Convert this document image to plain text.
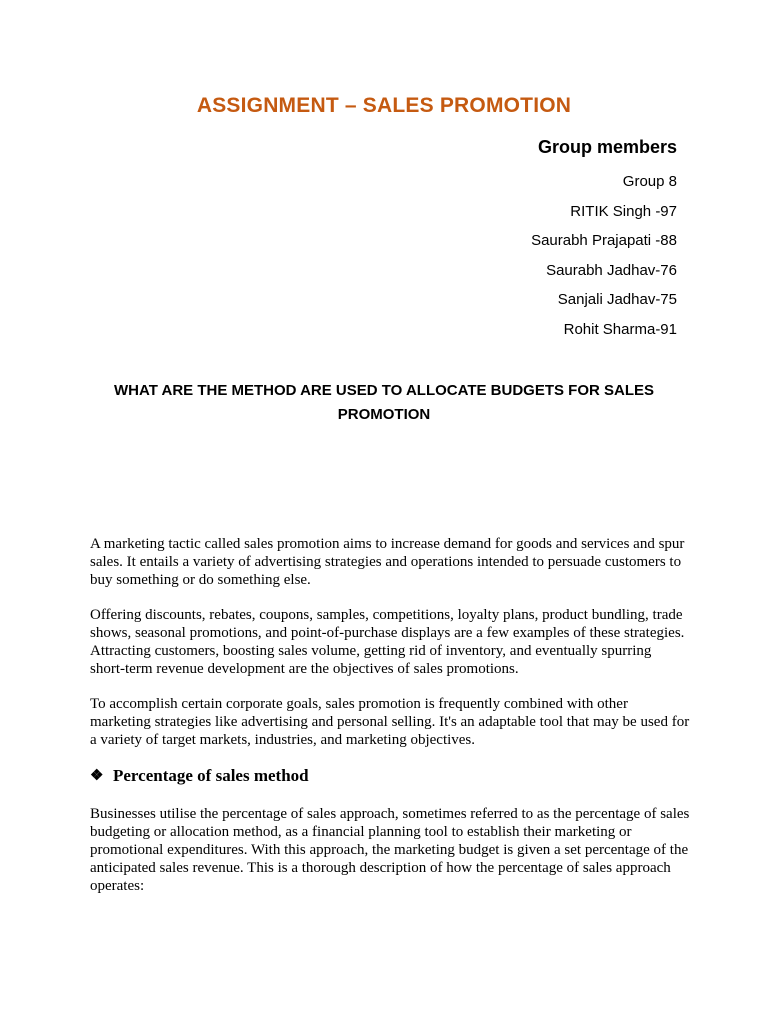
ASSIGNMENT – SALES PROMOTION
Group members
Group 8
RITIK Singh -97
Saurabh Prajapati -88
Saurabh Jadhav-76
Sanjali Jadhav-75
Rohit Sharma-91
WHAT ARE THE METHOD ARE USED TO ALLOCATE BUDGETS FOR SALES PROMOTION

A marketing tactic called sales promotion aims to increase demand for goods and services and spur sales. It entails a variety of advertising strategies and operations intended to persuade customers to buy something or do something else.

Offering discounts, rebates, coupons, samples, competitions, loyalty plans, product bundling, trade shows, seasonal promotions, and point-of-purchase displays are a few examples of these strategies. Attracting customers, boosting sales volume, getting rid of inventory, and eventually spurring short-term revenue development are the objectives of sales promotions.

To accomplish certain corporate goals, sales promotion is frequently combined with other marketing strategies like advertising and personal selling. It's an adaptable tool that may be used for a variety of target markets, industries, and marketing objectives.

❖ Percentage of sales method

Businesses utilise the percentage of sales approach, sometimes referred to as the percentage of sales budgeting or allocation method, as a financial planning tool to establish their marketing or promotional expenditures. With this approach, the marketing budget is given a set percentage of the anticipated sales revenue. This is a thorough description of how the percentage of sales approach operates:
